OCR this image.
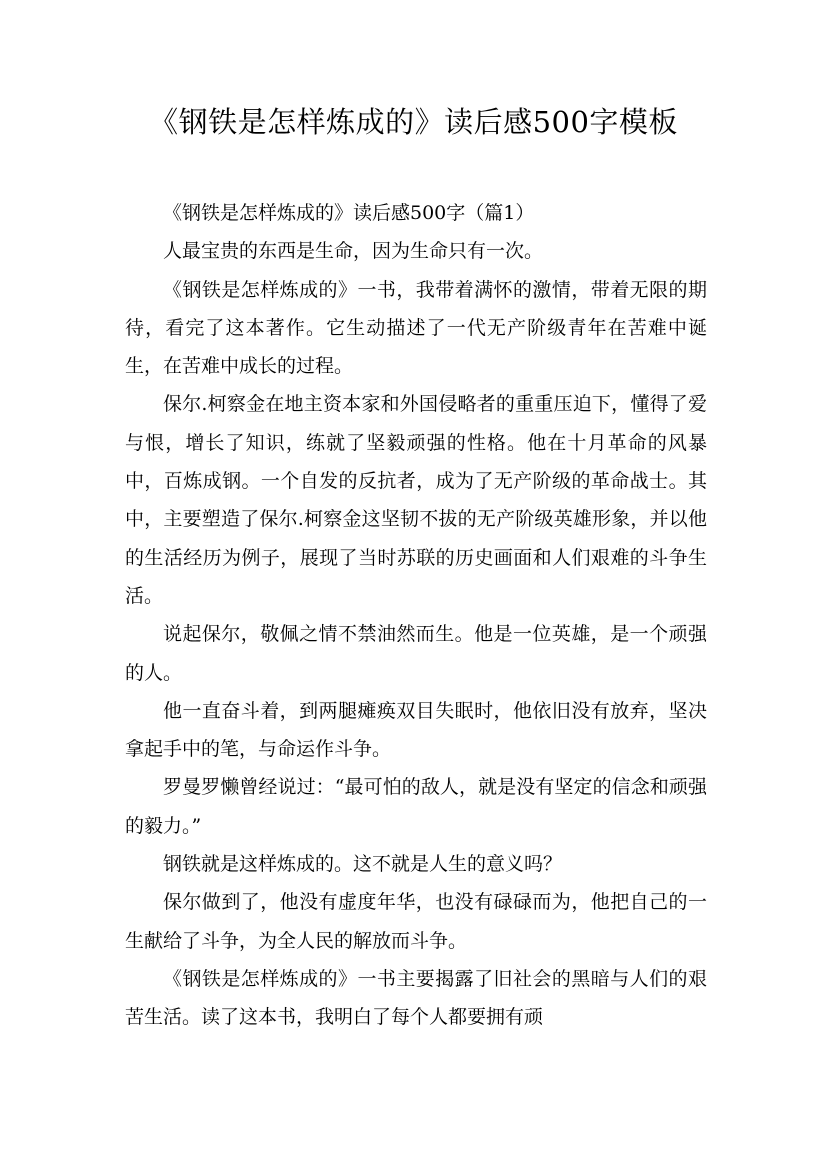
《钢铁是怎样炼成的》读后感500字模板

《钢铁是怎样炼成的》读后感500字（篇1）

人最宝贵的东西是生命，因为生命只有一次。

《钢铁是怎样炼成的》一书，我带着满怀的激情，带着无限的期待，看完了这本著作。它生动描述了一代无产阶级青年在苦难中诞生，在苦难中成长的过程。

保尔.柯察金在地主资本家和外国侵略者的重重压迫下，懂得了爱与恨，增长了知识，练就了坚毅顽强的性格。他在十月革命的风暴中，百炼成钢。一个自发的反抗者，成为了无产阶级的革命战士。其中，主要塑造了保尔.柯察金这坚韧不拔的无产阶级英雄形象，并以他的生活经历为例子，展现了当时苏联的历史画面和人们艰难的斗争生活。

说起保尔，敬佩之情不禁油然而生。他是一位英雄，是一个顽强的人。

他一直奋斗着，到两腿瘫痪双目失眠时，他依旧没有放弃，坚决拿起手中的笔，与命运作斗争。

罗曼罗懒曾经说过：“最可怕的敌人，就是没有坚定的信念和顽强的毅力。”

钢铁就是这样炼成的。这不就是人生的意义吗？

保尔做到了，他没有虚度年华，也没有碌碌而为，他把自己的一生献给了斗争，为全人民的解放而斗争。

《钢铁是怎样炼成的》一书主要揭露了旧社会的黑暗与人们的艰苦生活。读了这本书，我明白了每个人都要拥有顽
